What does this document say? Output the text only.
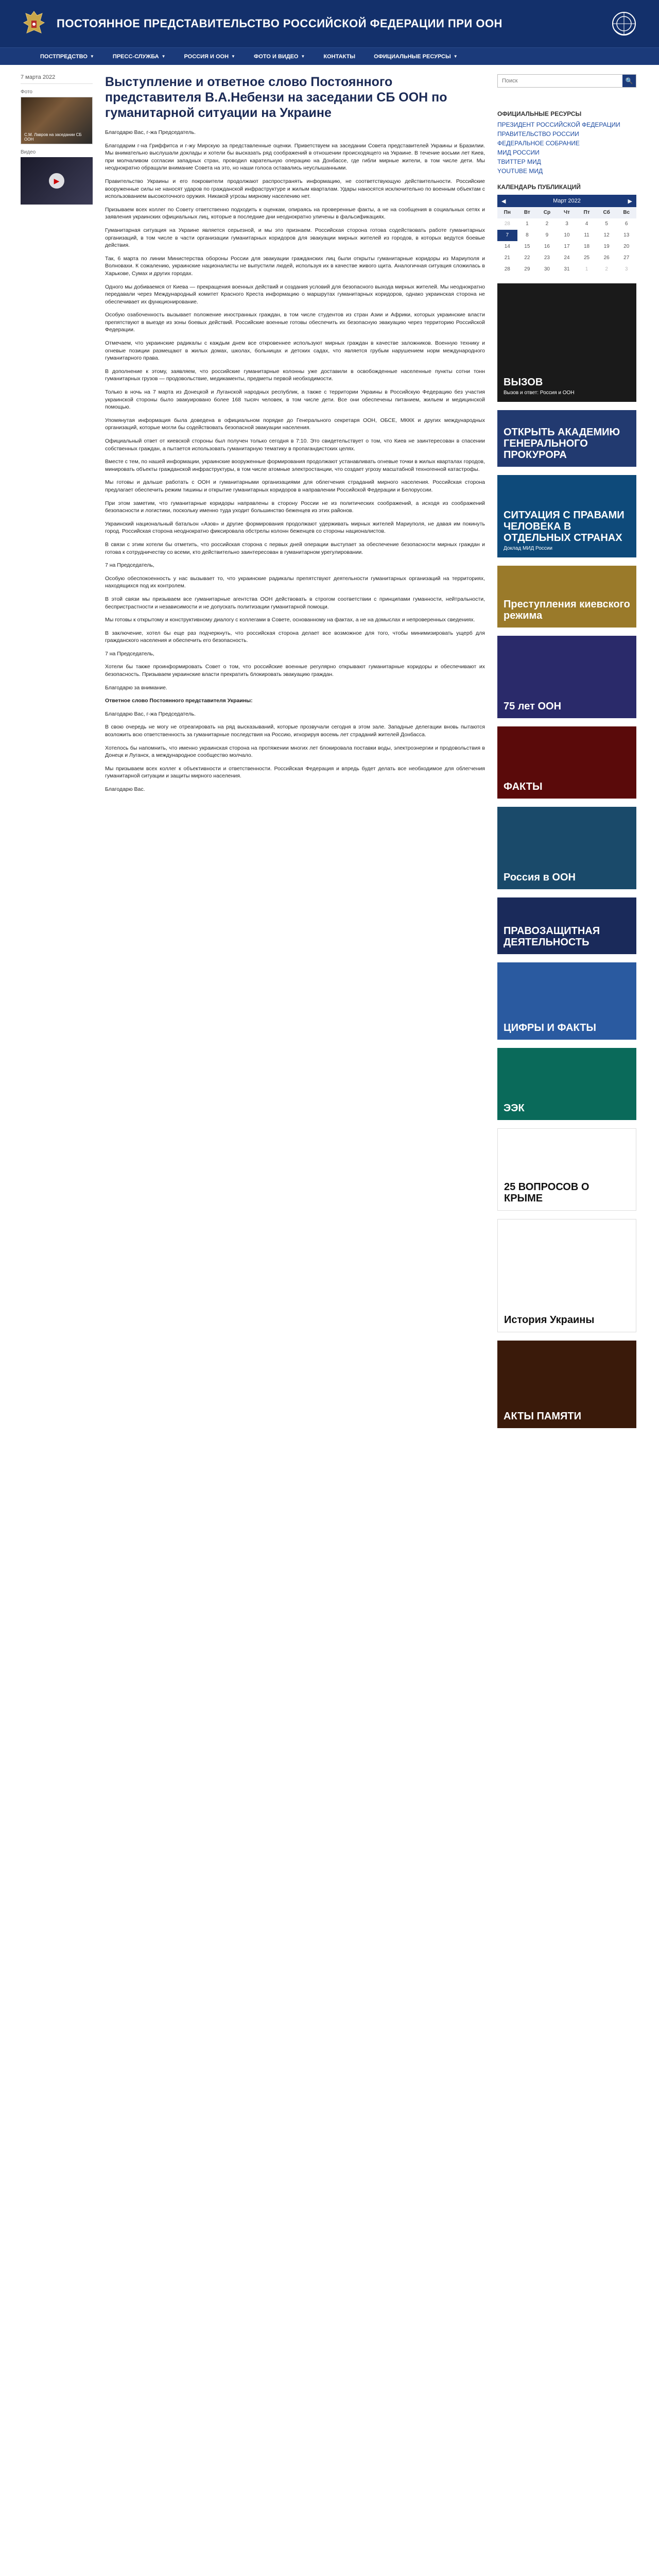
ПОСТОЯННОЕ ПРЕДСТАВИТЕЛЬСТВО РОССИЙСКОЙ ФЕДЕРАЦИИ ПРИ ООН
ПОСТПРЕДСТВО ▼	ПРЕСС-СЛУЖБА ▼	РОССИЯ И ООН ▼	ФОТО И ВИДЕО ▼	КОНТАКТЫ	ОФИЦИАЛЬНЫЕ РЕСУРСЫ ▼
7 марта 2022
Фото
С.М. Лавров на заседании СБ ООН
Видео
▶
Выступление и ответное слово Постоянного представителя В.А.Небензи на заседании СБ ООН по гуманитарной ситуации на Украине

Благодарю Вас, г-жа Председатель.

Благодарим г-на Гриффитса и г-жу Мирскую за представленные оценки. Приветствуем на заседании Совета представителей Украины и Бразилии. Мы внимательно выслушали доклады и хотели бы высказать ряд соображений в отношении происходящего на Украине. В течение восьми лет Киев, при молчаливом согласии западных стран, проводил карательную операцию на Донбассе, где гибли мирные жители, в том числе дети. Мы неоднократно обращали внимание Совета на это, но наши голоса оставались неуслышанными.

Правительство Украины и его покровители продолжают распространять информацию, не соответствующую действительности. Российские вооруженные силы не наносят ударов по гражданской инфраструктуре и жилым кварталам. Удары наносятся исключительно по военным объектам с использованием высокоточного оружия. Никакой угрозы мирному населению нет.

Призываем всех коллег по Совету ответственно подходить к оценкам, опираясь на проверенные факты, а не на сообщения в социальных сетях и заявления украинских официальных лиц, которые в последние дни неоднократно уличены в фальсификациях.

Гуманитарная ситуация на Украине является серьезной, и мы это признаем. Российская сторона готова содействовать работе гуманитарных организаций, в том числе в части организации гуманитарных коридоров для эвакуации мирных жителей из городов, в которых ведутся боевые действия.

Так, 6 марта по линии Министерства обороны России для эвакуации гражданских лиц были открыты гуманитарные коридоры из Мариуполя и Волновахи. К сожалению, украинские националисты не выпустили людей, используя их в качестве живого щита. Аналогичная ситуация сложилась в Харькове, Сумах и других городах.

Одного мы добиваемся от Киева — прекращения военных действий и создания условий для безопасного выхода мирных жителей. Мы неоднократно передавали через Международный комитет Красного Креста информацию о маршрутах гуманитарных коридоров, однако украинская сторона не обеспечивает их функционирование.

Особую озабоченность вызывает положение иностранных граждан, в том числе студентов из стран Азии и Африки, которых украинские власти препятствуют в выезде из зоны боевых действий. Российские военные готовы обеспечить их безопасную эвакуацию через территорию Российской Федерации.

Отмечаем, что украинские радикалы с каждым днем все откровеннее используют мирных граждан в качестве заложников. Военную технику и огневые позиции размещают в жилых домах, школах, больницах и детских садах, что является грубым нарушением норм международного гуманитарного права.

В дополнение к этому, заявляем, что российские гуманитарные колонны уже доставили в освобожденные населенные пункты сотни тонн гуманитарных грузов — продовольствие, медикаменты, предметы первой необходимости.

Только в ночь на 7 марта из Донецкой и Луганской народных республик, а также с территории Украины в Российскую Федерацию без участия украинской стороны было эвакуировано более 168 тысяч человек, в том числе дети. Все они обеспечены питанием, жильем и медицинской помощью.

Упомянутая информация была доведена в официальном порядке до Генерального секретаря ООН, ОБСЕ, МККК и других международных организаций, которые могли бы содействовать безопасной эвакуации населения.

Официальный ответ от киевской стороны был получен только сегодня в 7:10. Это свидетельствует о том, что Киев не заинтересован в спасении собственных граждан, а пытается использовать гуманитарную тематику в пропагандистских целях.

Вместе с тем, по нашей информации, украинские вооруженные формирования продолжают устанавливать огневые точки в жилых кварталах городов, минировать объекты гражданской инфраструктуры, в том числе атомные электростанции, что создает угрозу масштабной техногенной катастрофы.

Мы готовы и дальше работать с ООН и гуманитарными организациями для облегчения страданий мирного населения. Российская сторона предлагает обеспечить режим тишины и открытие гуманитарных коридоров в направлении Российской Федерации и Белоруссии.

При этом заметим, что гуманитарные коридоры направлены в сторону России не из политических соображений, а исходя из соображений безопасности и логистики, поскольку именно туда уходит большинство беженцев из этих районов.

Украинский национальный батальон «Азов» и другие формирования продолжают удерживать мирных жителей Мариуполя, не давая им покинуть город. Российская сторона неоднократно фиксировала обстрелы колонн беженцев со стороны националистов.

В связи с этим хотели бы отметить, что российская сторона с первых дней операции выступает за обеспечение безопасности мирных граждан и готова к сотрудничеству со всеми, кто действительно заинтересован в гуманитарном урегулировании.

7 на Председатель,

Особую обеспокоенность у нас вызывает то, что украинские радикалы препятствуют деятельности гуманитарных организаций на территориях, находящихся под их контролем.

В этой связи мы призываем все гуманитарные агентства ООН действовать в строгом соответствии с принципами гуманности, нейтральности, беспристрастности и независимости и не допускать политизации гуманитарной помощи.

Мы готовы к открытому и конструктивному диалогу с коллегами в Совете, основанному на фактах, а не на домыслах и непроверенных сведениях.

В заключение, хотел бы еще раз подчеркнуть, что российская сторона делает все возможное для того, чтобы минимизировать ущерб для гражданского населения и обеспечить его безопасность.

7 на Председатель,

Хотели бы также проинформировать Совет о том, что российские военные регулярно открывают гуманитарные коридоры и обеспечивают их безопасность. Призываем украинские власти прекратить блокировать эвакуацию граждан.

Благодарю за внимание.

Ответное слово Постоянного представителя Украины:

Благодарю Вас, г-жа Председатель.

В свою очередь не могу не отреагировать на ряд высказываний, которые прозвучали сегодня в этом зале. Западные делегации вновь пытаются возложить всю ответственность за гуманитарные последствия на Россию, игнорируя восемь лет страданий жителей Донбасса.

Хотелось бы напомнить, что именно украинская сторона на протяжении многих лет блокировала поставки воды, электроэнергии и продовольствия в Донецк и Луганск, а международное сообщество молчало.

Мы призываем всех коллег к объективности и ответственности. Российская Федерация и впредь будет делать все необходимое для облегчения гуманитарной ситуации и защиты мирного населения.

Благодарю Вас.

Поиск
🔍
ОФИЦИАЛЬНЫЕ РЕСУРСЫ
ПРЕЗИДЕНТ РОССИЙСКОЙ ФЕДЕРАЦИИ
ПРАВИТЕЛЬСТВО РОССИИ
ФЕДЕРАЛЬНОЕ СОБРАНИЕ
МИД РОССИИ
ТВИТТЕР МИД
YOUTUBE МИД
КАЛЕНДАРЬ ПУБЛИКАЦИЙ
◀	Март 2022	▶
Пн	Вт	Ср	Чт	Пт	Сб	Вс
28	1	2	3	4	5	6
7	8	9	10	11	12	13
14	15	16	17	18	19	20
21	22	23	24	25	26	27
28	29	30	31	1	2	3
ВЫЗОВ
Вызов и ответ: Россия и ООН
ОТКРЫТЬ АКАДЕМИЮ ГЕНЕРАЛЬНОГО ПРОКУРОРА
СИТУАЦИЯ С ПРАВАМИ ЧЕЛОВЕКА В ОТДЕЛЬНЫХ СТРАНАХ
Доклад МИД России
Преступления киевского режима
75 лет ООН
ФАКТЫ
Россия в ООН
ПРАВОЗАЩИТНАЯ ДЕЯТЕЛЬНОСТЬ
ЦИФРЫ И ФАКТЫ
ЭЭК
25 ВОПРОСОВ О КРЫМЕ
История Украины
АКТЫ ПАМЯТИ
